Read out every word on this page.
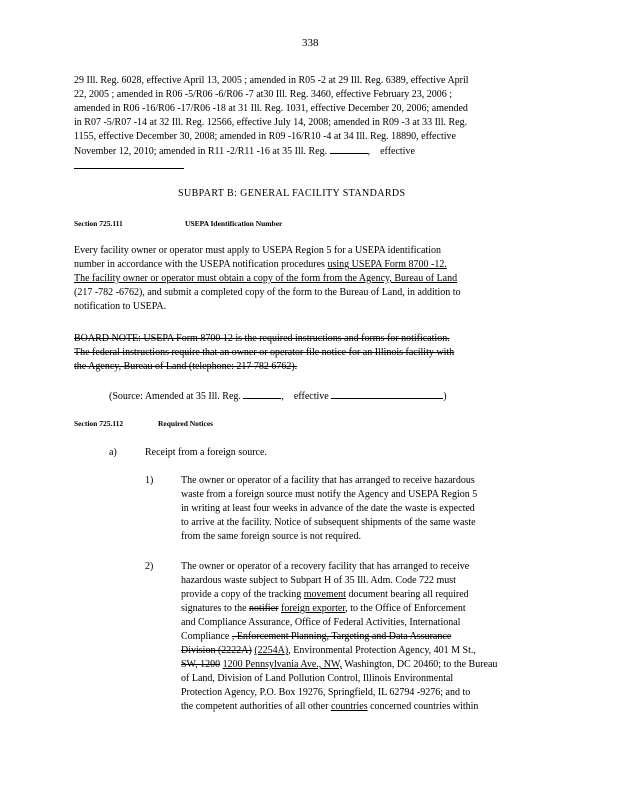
338
29 Ill. Reg. 6028, effective April 13, 2005 ; amended in R05 -2 at 29 Ill. Reg. 6389, effective April
22, 2005 ; amended in R06 -5/R06 -6/R06 -7 at30 Ill. Reg. 3460, effective February 23, 2006 ;
amended in R06 -16/R06 -17/R06 -18 at 31 Ill. Reg. 1031, effective December 20, 2006; amended
in R07 -5/R07 -14 at 32 Ill. Reg. 12566, effective July 14, 2008; amended in R09 -3 at 33 Ill. Reg.
1155, effective December 30, 2008; amended in R09 -16/R10 -4 at 34 Ill. Reg. 18890, effective
November 12, 2010; amended in R11 -2/R11 -16 at 35 Ill. Reg.	, effective
SUBPART B: GENERAL FACILITY STANDARDS
Section 725.111	USEPA Identification Number
Every facility owner or operator must apply to USEPA Region 5 for a USEPA identification
number in accordance with the USEPA notification procedures using USEPA Form 8700 -12.
The facility owner or operator must obtain a copy of the form from the Agency, Bureau of Land
(217 -782 -6762), and submit a completed copy of the form to the Bureau of Land, in addition to
notification to USEPA.
BOARD NOTE: USEPA Form 8700 12 is the required instructions and forms for notification.
The federal instructions require that an owner or operator file notice for an Illinois facility with
the Agency, Bureau of Land (telephone: 217 782 6762).
(Source: Amended at 35 Ill. Reg.	, effective	)
Section 725.112	Required Notices
a)	Receipt from a foreign source.
1)	The owner or operator of a facility that has arranged to receive hazardous
waste from a foreign source must notify the Agency and USEPA Region 5
in writing at least four weeks in advance of the date the waste is expected
to arrive at the facility. Notice of subsequent shipments of the same waste
from the same foreign source is not required.
2)	The owner or operator of a recovery facility that has arranged to receive
hazardous waste subject to Subpart H of 35 Ill. Adm. Code 722 must
provide a copy of the tracking movement document bearing all required
signatures to the notifier foreign exporter, to the Office of Enforcement
and Compliance Assurance, Office of Federal Activities, International
Compliance , Enforcement Planning, Targeting and Data Assurance
Division (2222A) (2254A), Environmental Protection Agency, 401 M St.,
SW, 1200 1200 Pennsylvania Ave., NW, Washington, DC 20460; to the Bureau
of Land, Division of Land Pollution Control, Illinois Environmental
Protection Agency, P.O. Box 19276, Springfield, IL 62794 -9276; and to
the competent authorities of all other countries concerned countries within
